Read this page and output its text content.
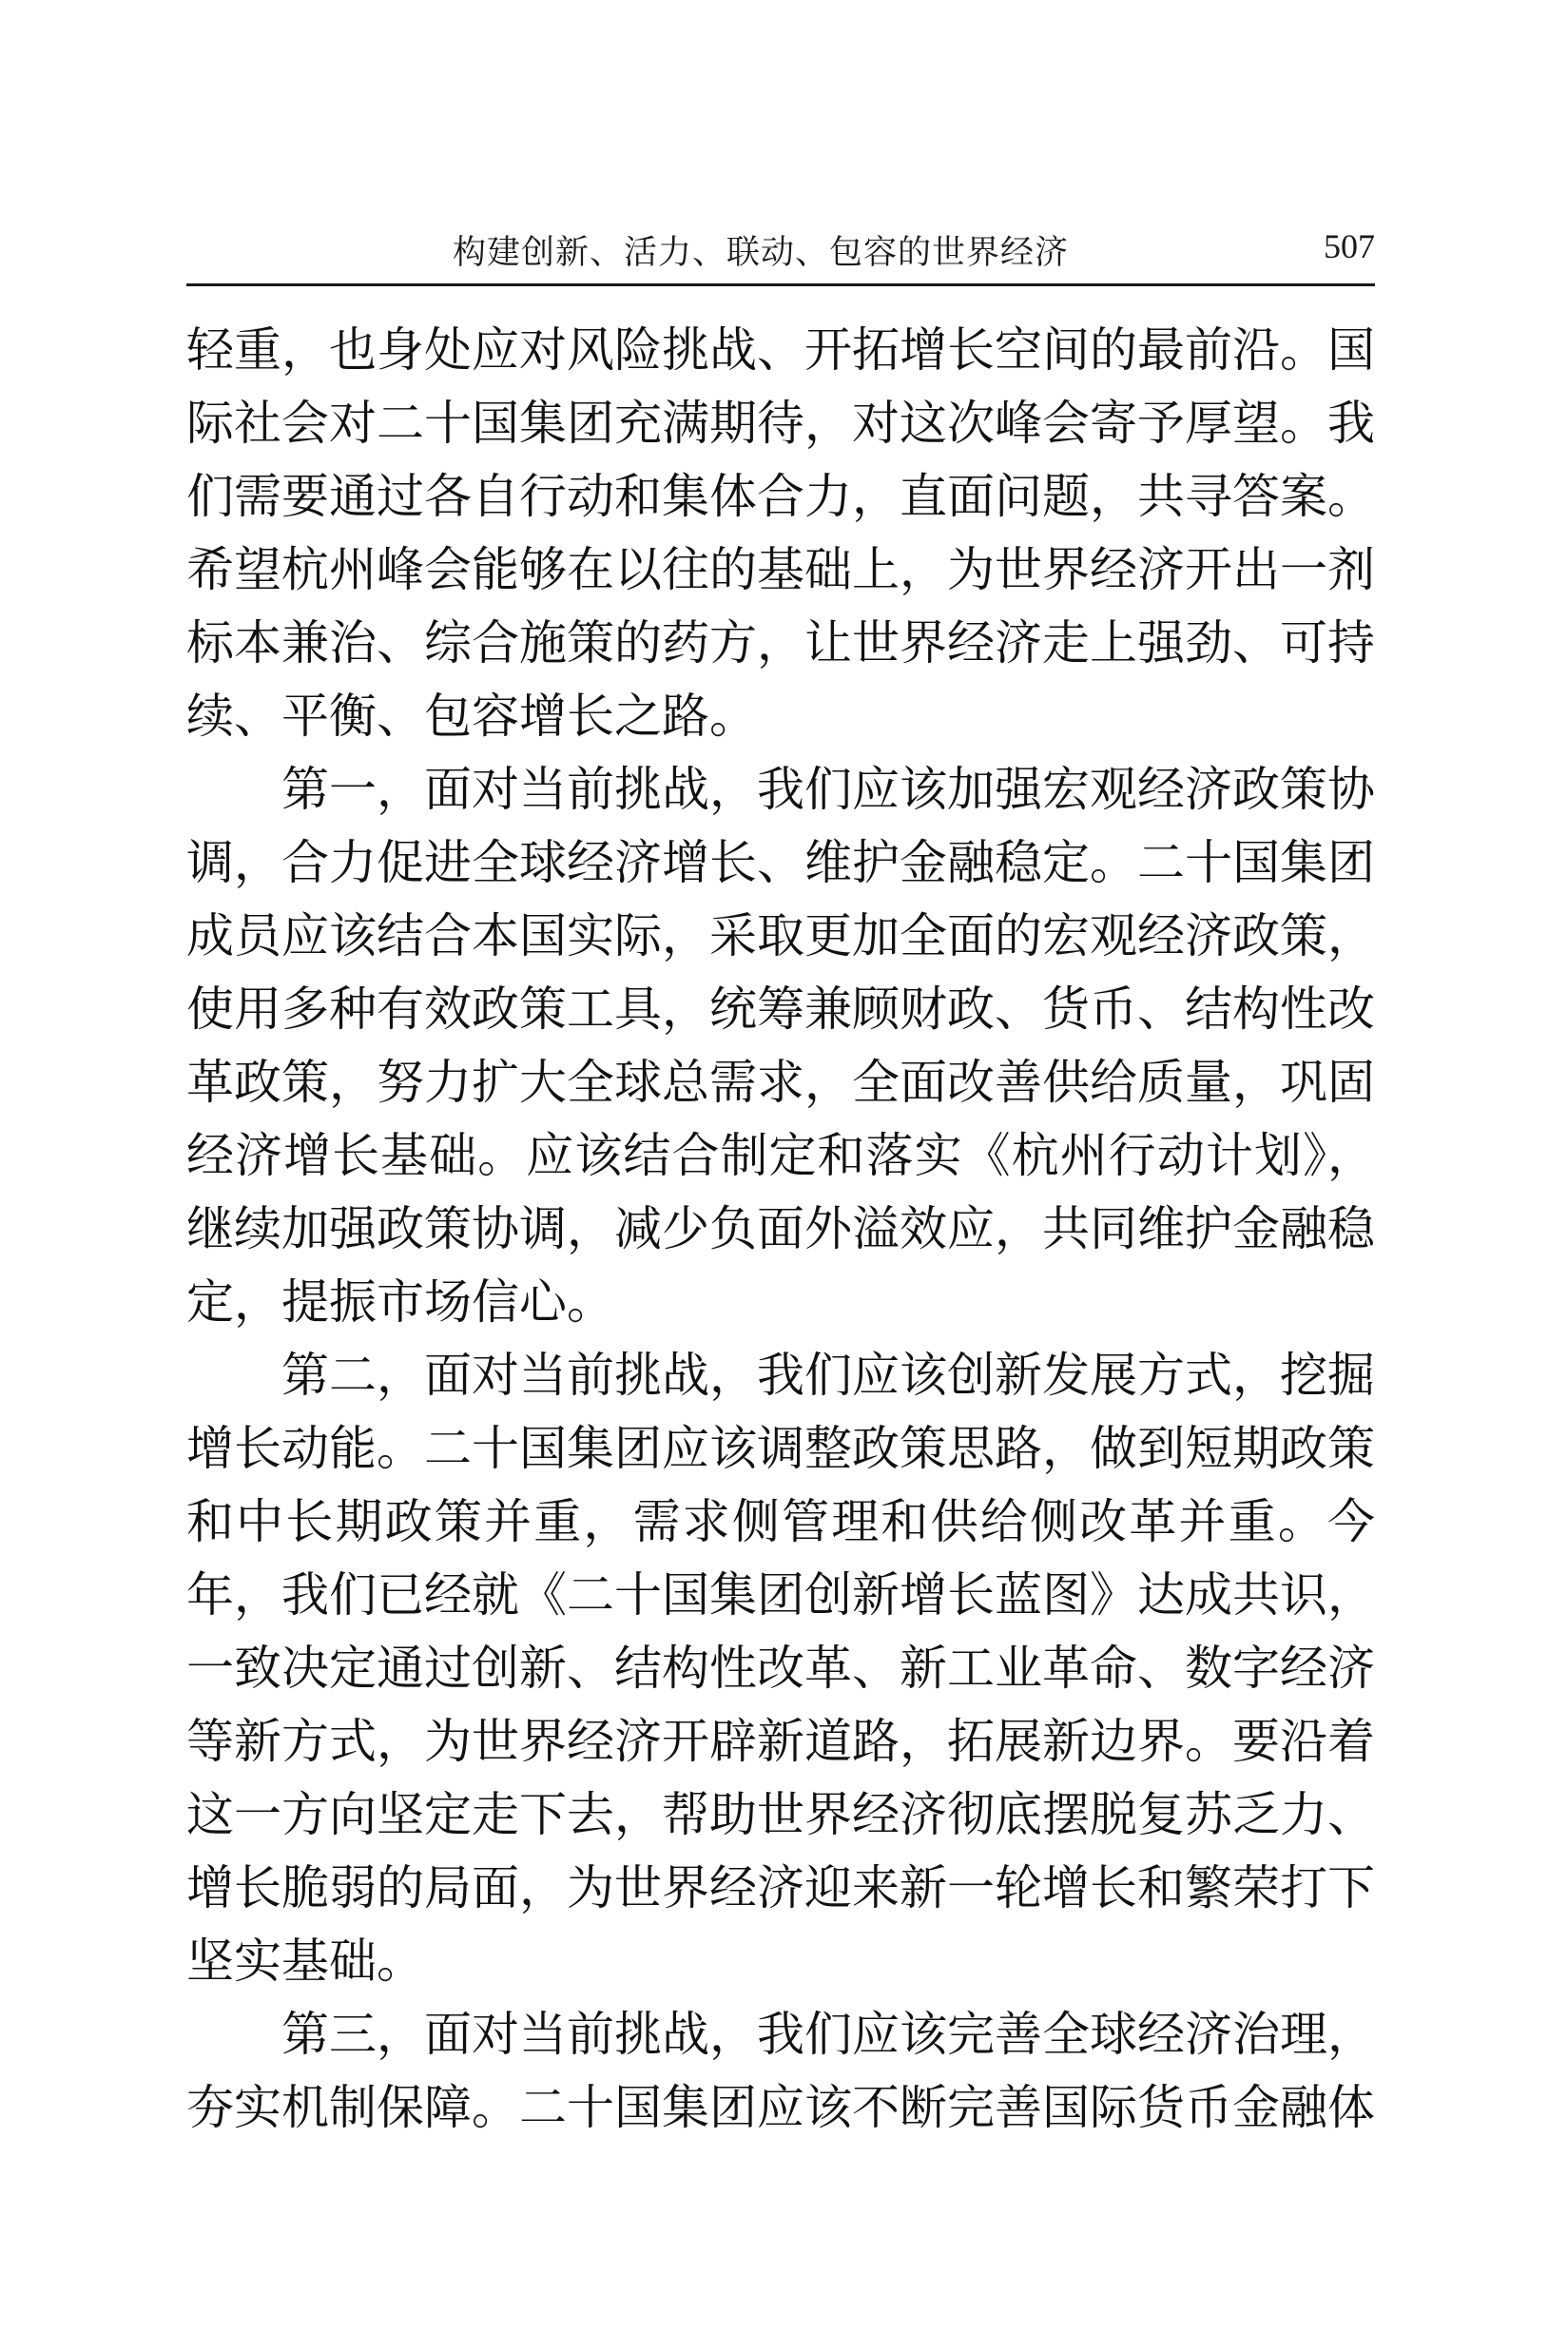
构建创新、活力、联动、包容的世界经济	507
轻重，也身处应对风险挑战、开拓增长空间的最前沿。国
际社会对二十国集团充满期待，对这次峰会寄予厚望。我
们需要通过各自行动和集体合力，直面问题，共寻答案。
希望杭州峰会能够在以往的基础上，为世界经济开出一剂
标本兼治、综合施策的药方，让世界经济走上强劲、可持
续、平衡、包容增长之路。
　　第一，面对当前挑战，我们应该加强宏观经济政策协
调，合力促进全球经济增长、维护金融稳定。二十国集团
成员应该结合本国实际，采取更加全面的宏观经济政策，
使用多种有效政策工具，统筹兼顾财政、货币、结构性改
革政策，努力扩大全球总需求，全面改善供给质量，巩固
经济增长基础。应该结合制定和落实《杭州行动计划》，
继续加强政策协调，减少负面外溢效应，共同维护金融稳
定，提振市场信心。
　　第二，面对当前挑战，我们应该创新发展方式，挖掘
增长动能。二十国集团应该调整政策思路，做到短期政策
和中长期政策并重，需求侧管理和供给侧改革并重。今
年，我们已经就《二十国集团创新增长蓝图》达成共识，
一致决定通过创新、结构性改革、新工业革命、数字经济
等新方式，为世界经济开辟新道路，拓展新边界。要沿着
这一方向坚定走下去，帮助世界经济彻底摆脱复苏乏力、
增长脆弱的局面，为世界经济迎来新一轮增长和繁荣打下
坚实基础。
　　第三，面对当前挑战，我们应该完善全球经济治理，
夯实机制保障。二十国集团应该不断完善国际货币金融体
